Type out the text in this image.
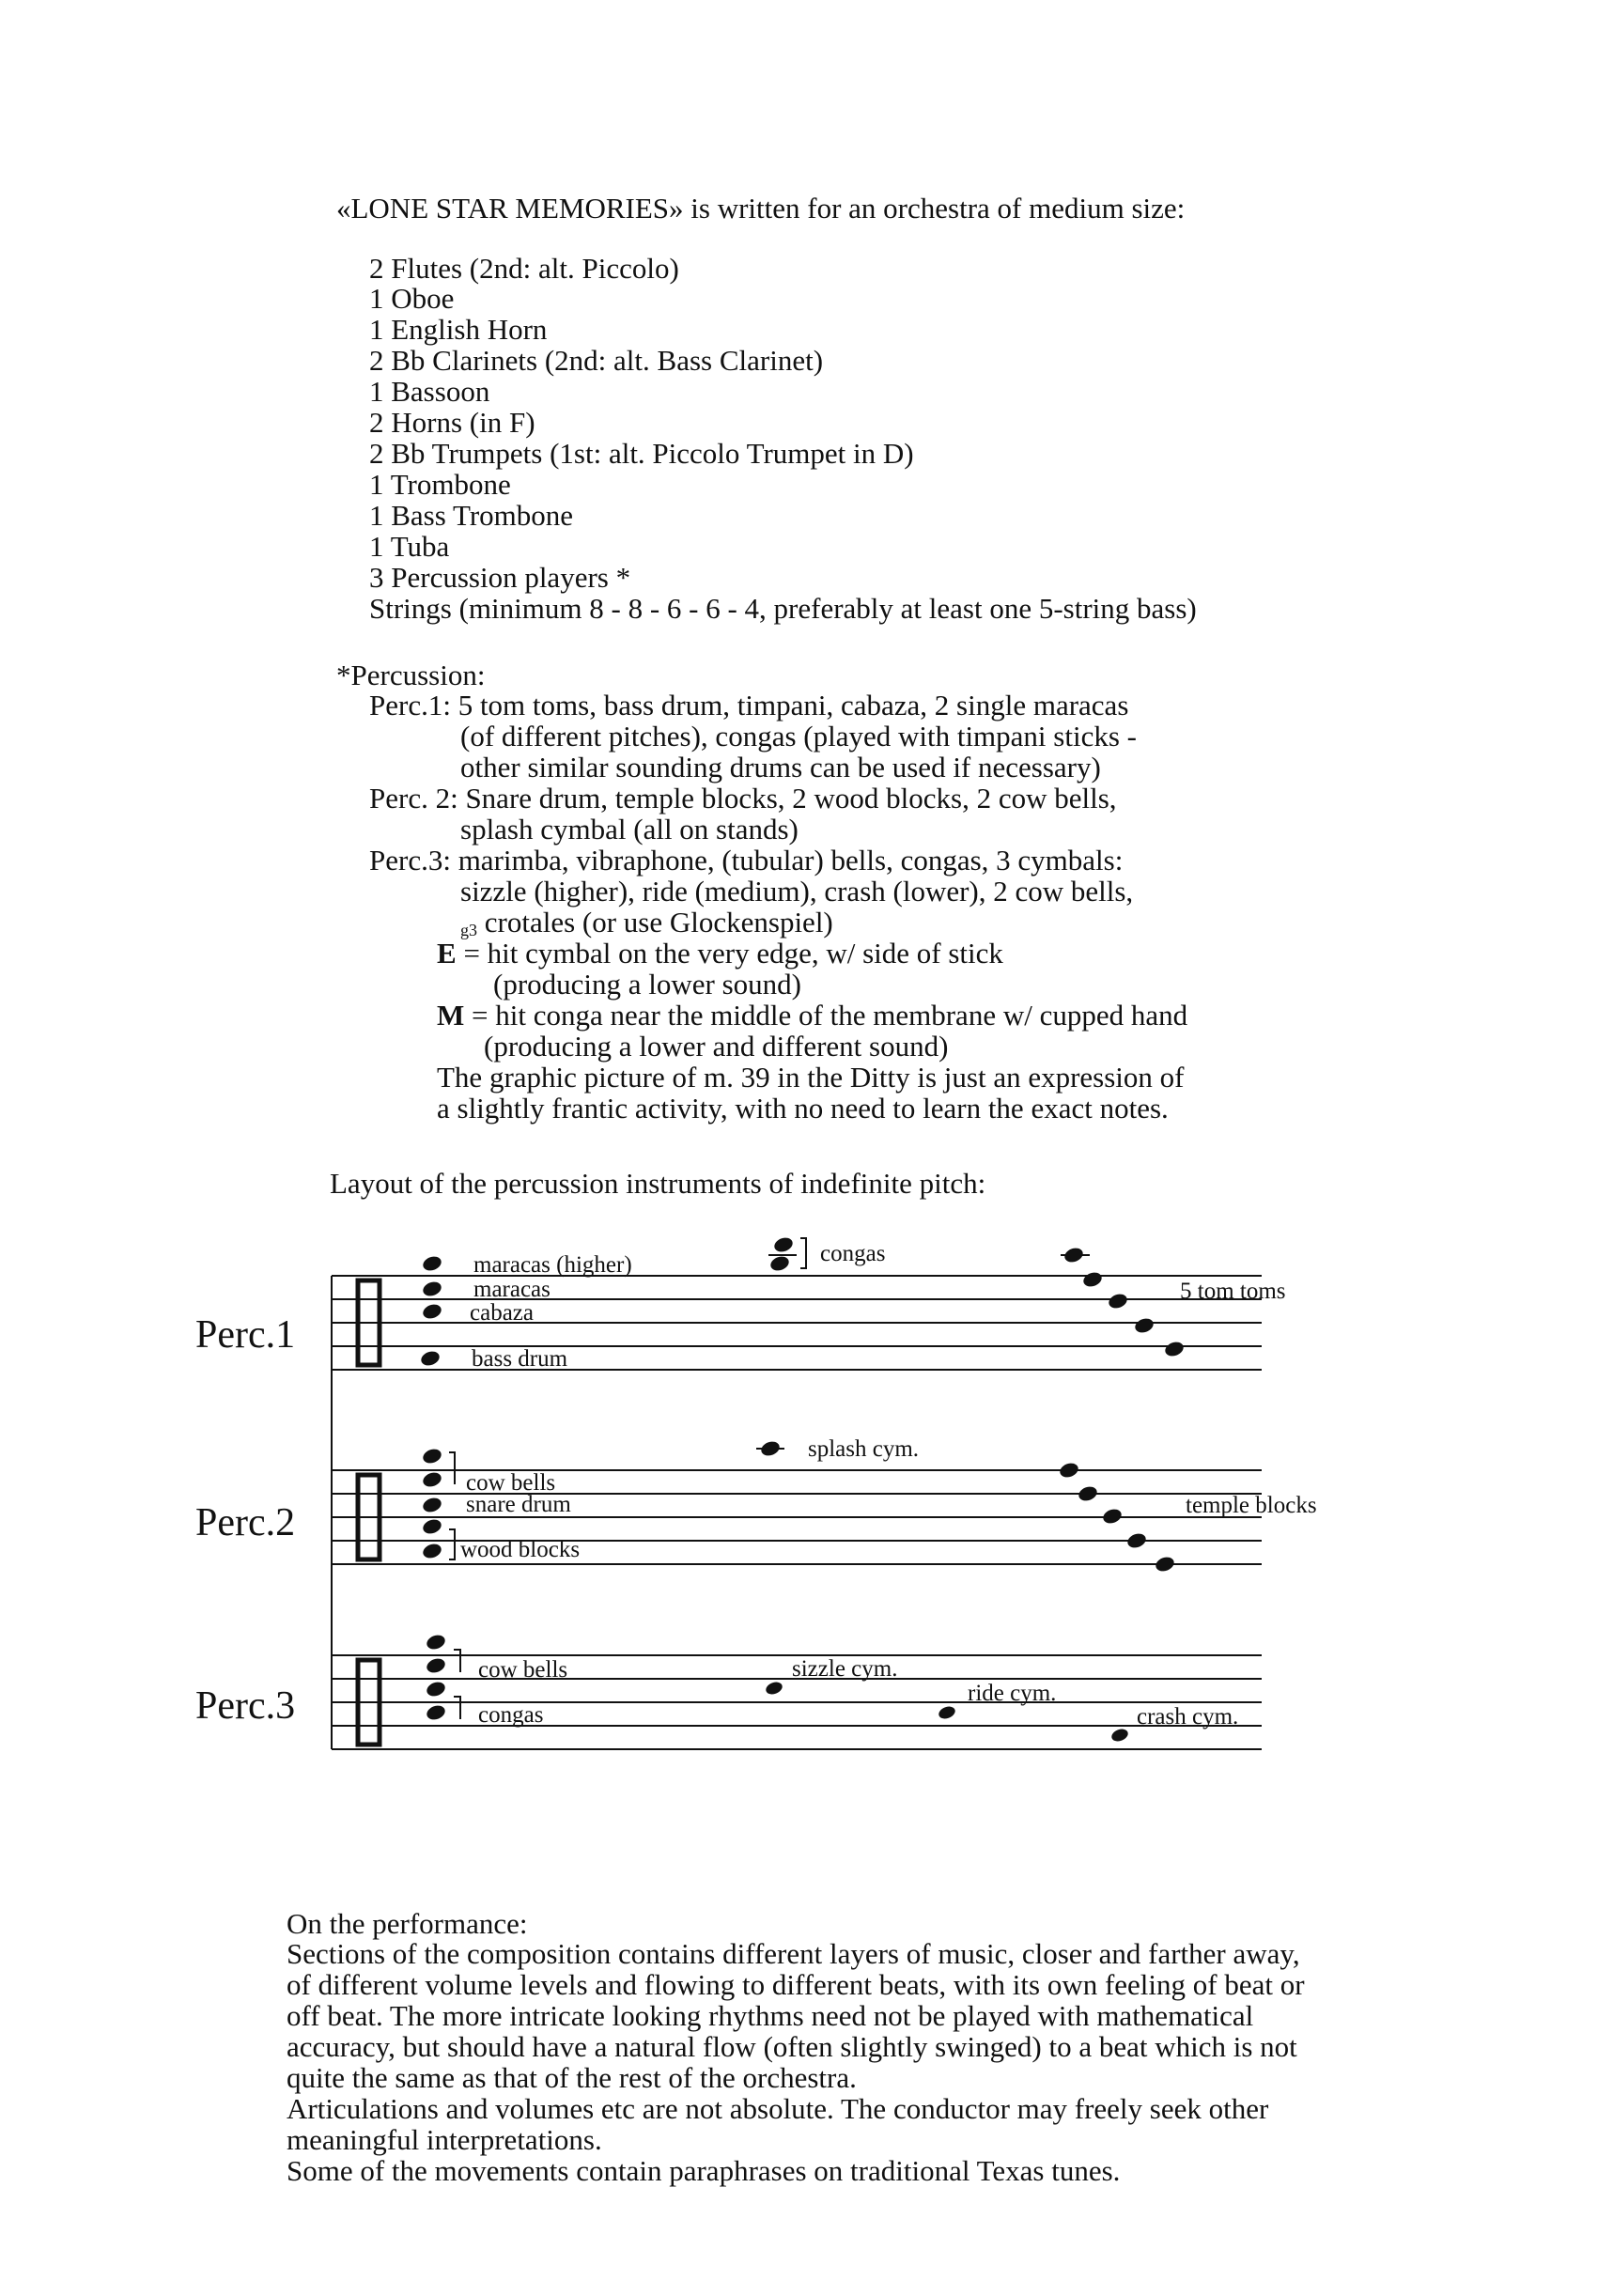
«LONE STAR MEMORIES» is written for an orchestra of medium size:
2 Flutes (2nd: alt. Piccolo)
1 Oboe
1 English Horn
2 Bb Clarinets (2nd: alt. Bass Clarinet)
1 Bassoon
2 Horns (in F)
2 Bb Trumpets (1st: alt. Piccolo Trumpet in D)
1 Trombone
1 Bass Trombone
1 Tuba
3 Percussion players *
Strings (minimum 8 - 8 - 6 - 6 - 4, preferably at least one 5-string bass)
*Percussion:
Perc.1: 5 tom toms, bass drum, timpani, cabaza, 2 single maracas
(of different pitches), congas (played with timpani sticks -
other similar sounding drums can be used if necessary)
Perc. 2: Snare drum, temple blocks, 2 wood blocks, 2 cow bells,
splash cymbal (all on stands)
Perc.3: marimba, vibraphone, (tubular) bells, congas, 3 cymbals:
sizzle (higher), ride (medium), crash (lower), 2 cow bells,
g3 crotales (or use Glockenspiel)
E = hit cymbal on the very edge, w/ side of stick
(producing a lower sound)
M = hit conga near the middle of the membrane w/ cupped hand
(producing a lower and different sound)
The graphic picture of m. 39 in the Ditty is just an expression of
a slightly frantic activity, with no need to learn the exact notes.
Layout of the percussion instruments of indefinite pitch:
Perc.1
Perc.2
Perc.3
maracas (higher)
maracas
cabaza
bass drum
congas
5 tom toms
cow bells
snare drum
wood blocks
splash cym.
temple blocks
cow bells
congas
sizzle cym.
ride cym.
crash cym.
On the performance:
Sections of the composition contains different layers of music, closer and farther away,
of different volume levels and flowing to different beats, with its own feeling of beat or
off beat. The more intricate looking rhythms need not be played with mathematical
accuracy, but should have a natural flow (often slightly swinged) to a beat which is not
quite the same as that of the rest of the orchestra.
Articulations and volumes etc are not absolute. The conductor may freely seek other
meaningful interpretations.
Some of the movements contain paraphrases on traditional Texas tunes.
